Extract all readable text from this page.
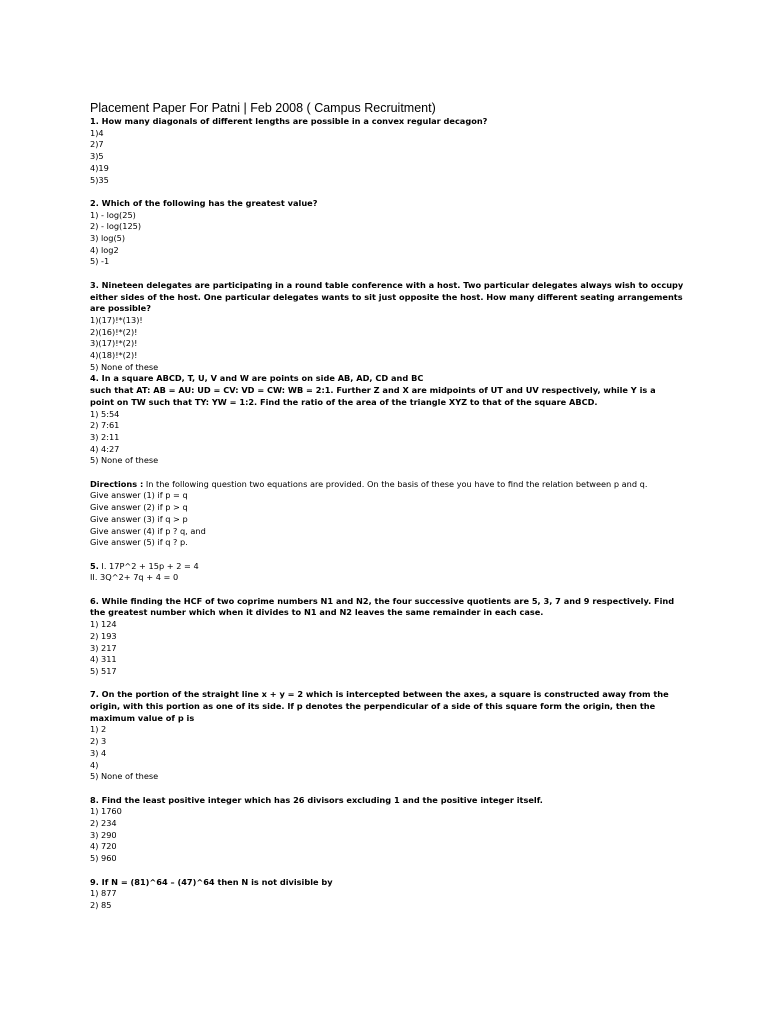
Placement Paper For Patni | Feb 2008 ( Campus Recruitment)
1. How many diagonals of different lengths are possible in a convex regular decagon?
1)4
2)7
3)5
4)19
5)35
2. Which of the following has the greatest value?
1) - log(25)
2) - log(125)
3) log(5)
4) log2
5) -1
3. Nineteen delegates are participating in a round table conference with a host. Two particular delegates always wish to occupy
either sides of the host. One particular delegates wants to sit just opposite the host. How many different seating arrangements
are possible?
1)(17)!*(13)!
2)(16)!*(2)!
3)(17)!*(2)!
4)(18)!*(2)!
5) None of these
4. In a square ABCD, T, U, V and W are points on side AB, AD, CD and BC
such that AT: AB = AU: UD = CV: VD = CW: WB = 2:1. Further Z and X are midpoints of UT and UV respectively, while Y is a
point on TW such that TY: YW = 1:2. Find the ratio of the area of the triangle XYZ to that of the square ABCD.
1) 5:54
2) 7:61
3) 2:11
4) 4:27
5) None of these
Directions : In the following question two equations are provided. On the basis of these you have to find the relation between p and q.
Give answer (1) if p = q
Give answer (2) if p > q
Give answer (3) if q > p
Give answer (4) if p ? q, and
Give answer (5) if q ? p.
5. I. 17P^2 + 15p + 2 = 4
II. 3Q^2+ 7q + 4 = 0
6. While finding the HCF of two coprime numbers N1 and N2, the four successive quotients are 5, 3, 7 and 9 respectively. Find
the greatest number which when it divides to N1 and N2 leaves the same remainder in each case.
1) 124
2) 193
3) 217
4) 311
5) 517
7. On the portion of the straight line x + y = 2 which is intercepted between the axes, a square is constructed away from the
origin, with this portion as one of its side. If p denotes the perpendicular of a side of this square form the origin, then the
maximum value of p is
1) 2
2) 3
3) 4
4)
5) None of these
8. Find the least positive integer which has 26 divisors excluding 1 and the positive integer itself.
1) 1760
2) 234
3) 290
4) 720
5) 960
9. If N = (81)^64 – (47)^64 then N is not divisible by
1) 877
2) 85
